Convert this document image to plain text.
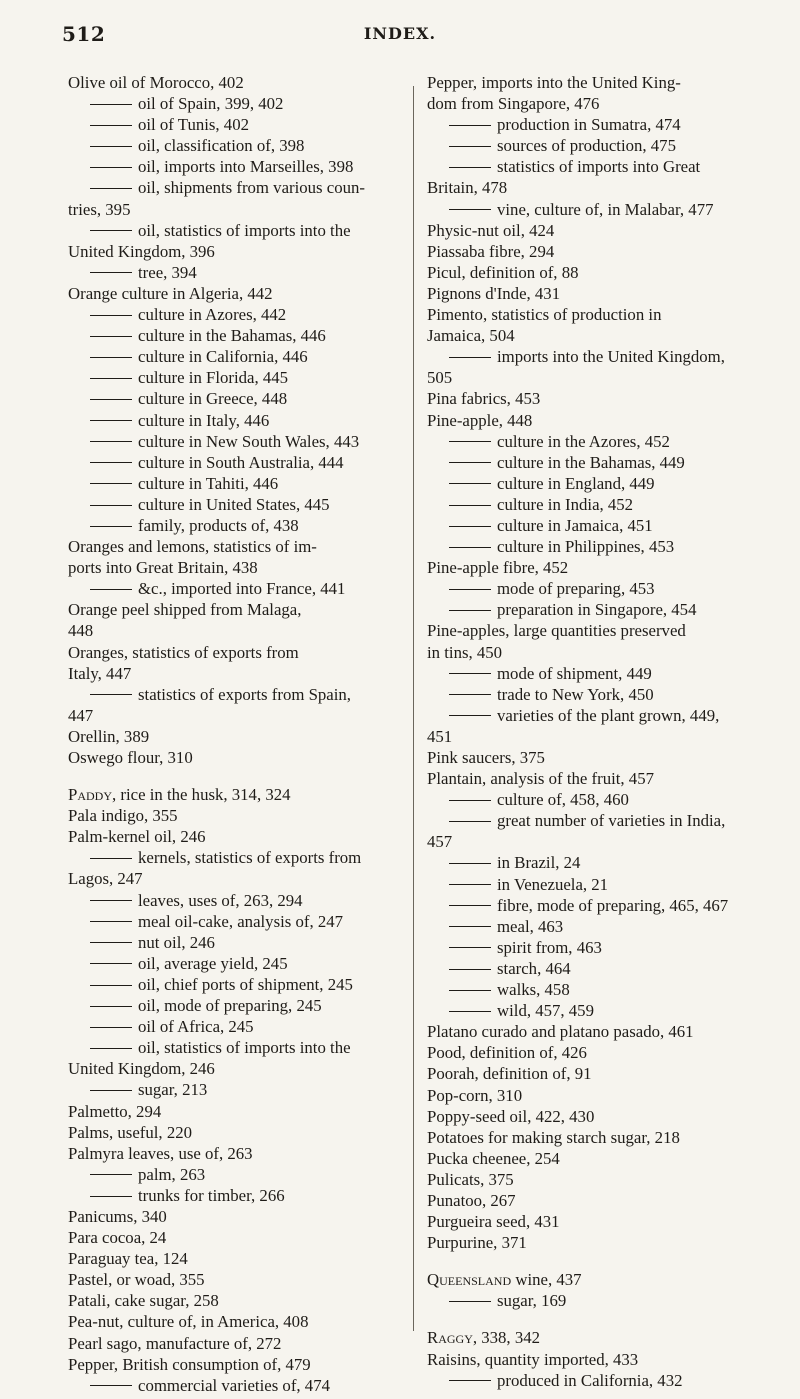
512	INDEX.
Olive oil of Morocco, 402
oil of Spain, 399, 402
oil of Tunis, 402
oil, classification of, 398
oil, imports into Marseilles, 398
oil, shipments from various coun-
tries, 395
oil, statistics of imports into the
United Kingdom, 396
tree, 394
Orange culture in Algeria, 442
culture in Azores, 442
culture in the Bahamas, 446
culture in California, 446
culture in Florida, 445
culture in Greece, 448
culture in Italy, 446
culture in New South Wales, 443
culture in South Australia, 444
culture in Tahiti, 446
culture in United States, 445
family, products of, 438
Oranges and lemons, statistics of im-
ports into Great Britain, 438
&c., imported into France, 441
Orange peel shipped from Malaga,
448
Oranges, statistics of exports from
Italy, 447
statistics of exports from Spain,
447
Orellin, 389
Oswego flour, 310
Paddy, rice in the husk, 314, 324
Pala indigo, 355
Palm-kernel oil, 246
kernels, statistics of exports from
Lagos, 247
leaves, uses of, 263, 294
meal oil-cake, analysis of, 247
nut oil, 246
oil, average yield, 245
oil, chief ports of shipment, 245
oil, mode of preparing, 245
oil of Africa, 245
oil, statistics of imports into the
United Kingdom, 246
sugar, 213
Palmetto, 294
Palms, useful, 220
Palmyra leaves, use of, 263
palm, 263
trunks for timber, 266
Panicums, 340
Para cocoa, 24
Paraguay tea, 124
Pastel, or woad, 355
Patali, cake sugar, 258
Pea-nut, culture of, in America, 408
Pearl sago, manufacture of, 272
Pepper, British consumption of, 479
commercial varieties of, 474
Pepper, imports into the United King-
dom from Singapore, 476
production in Sumatra, 474
sources of production, 475
statistics of imports into Great
Britain, 478
vine, culture of, in Malabar, 477
Physic-nut oil, 424
Piassaba fibre, 294
Picul, definition of, 88
Pignons d'Inde, 431
Pimento, statistics of production in
Jamaica, 504
imports into the United Kingdom,
505
Pina fabrics, 453
Pine-apple, 448
culture in the Azores, 452
culture in the Bahamas, 449
culture in England, 449
culture in India, 452
culture in Jamaica, 451
culture in Philippines, 453
Pine-apple fibre, 452
mode of preparing, 453
preparation in Singapore, 454
Pine-apples, large quantities preserved
in tins, 450
mode of shipment, 449
trade to New York, 450
varieties of the plant grown, 449,
451
Pink saucers, 375
Plantain, analysis of the fruit, 457
culture of, 458, 460
great number of varieties in India,
457
in Brazil, 24
in Venezuela, 21
fibre, mode of preparing, 465, 467
meal, 463
spirit from, 463
starch, 464
walks, 458
wild, 457, 459
Platano curado and platano pasado, 461
Pood, definition of, 426
Poorah, definition of, 91
Pop-corn, 310
Poppy-seed oil, 422, 430
Potatoes for making starch sugar, 218
Pucka cheenee, 254
Pulicats, 375
Punatoo, 267
Purgueira seed, 431
Purpurine, 371
Queensland wine, 437
sugar, 169
Raggy, 338, 342
Raisins, quantity imported, 433
produced in California, 432
